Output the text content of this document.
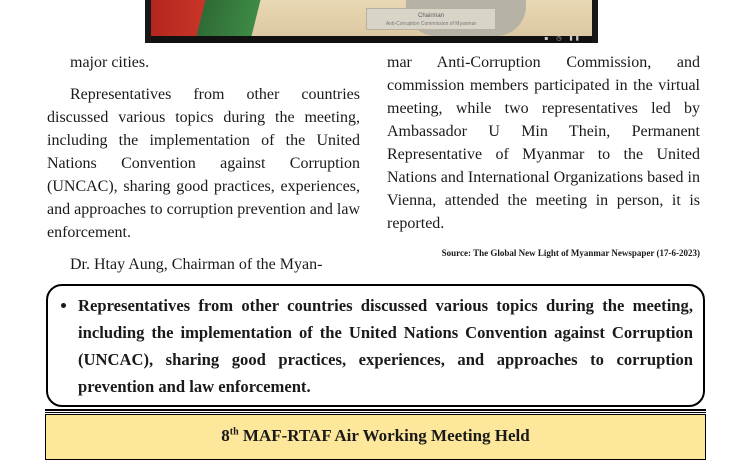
Chairman
Anti-Corruption Commission of Myanmar
▪ ◷ ▮▮

major cities.

Representatives from other countries discussed various topics during the meeting, including the implementation of the United Nations Convention against Corruption (UNCAC), sharing good practices, experiences, and approaches to corruption prevention and law enforcement.

Dr. Htay Aung, Chairman of the Myan-

mar Anti-Corruption Commission, and commission members participated in the virtual meeting, while two representatives led by Ambassador U Min Thein, Permanent Representative of Myanmar to the United Nations and International Organizations based in Vienna, attended the meeting in person, it is reported.

Source: The Global New Light of Myanmar Newspaper (17-6-2023)
• Representatives from other countries discussed various topics during the meeting, including the implementation of the United Nations Convention against Corruption (UNCAC), sharing good practices, experiences, and approaches to corruption prevention and law enforcement.
8th MAF-RTAF Air Working Meeting Held
